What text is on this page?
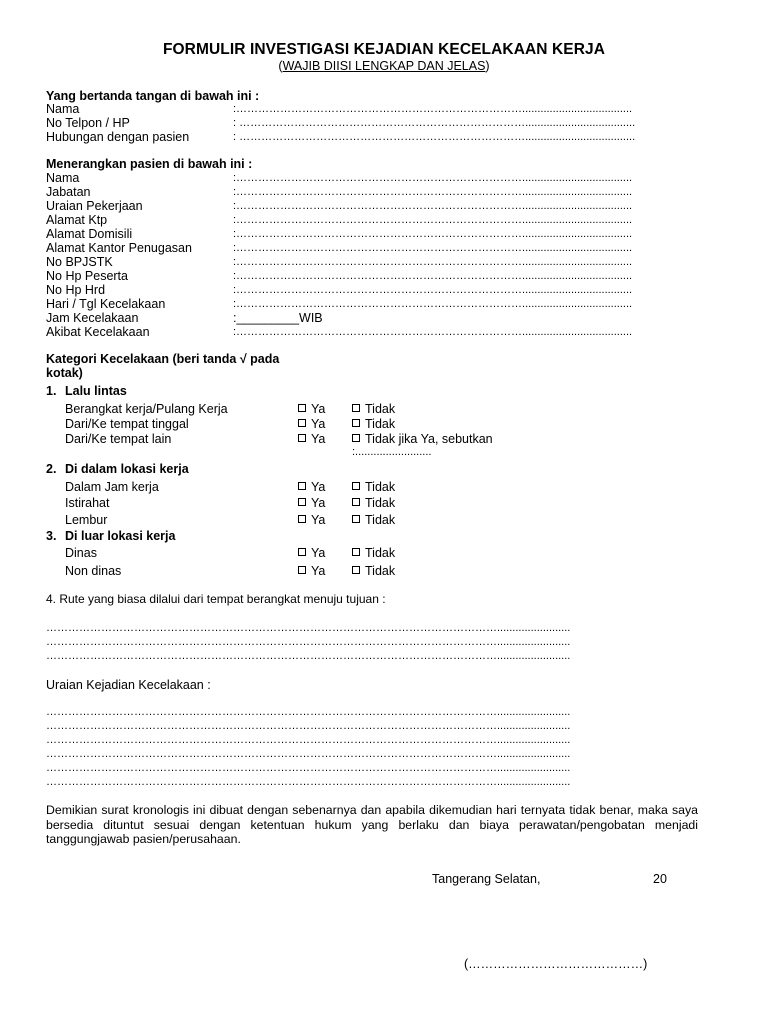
FORMULIR INVESTIGASI KEJADIAN KECELAKAAN KERJA
(WAJIB DIISI LENGKAP DAN JELAS)
Yang bertanda tangan di bawah ini :
Nama	:……………………………………………………………………....................................
No Telpon / HP	: ……………………………………………………………………....................................
Hubungan dengan pasien	: ……………………………………………………………………....................................
Menerangkan pasien di bawah ini :
Nama	:……………………………………………………………………....................................
Jabatan	:……………………………………………………………………....................................
Uraian Pekerjaan	:……………………………………………………………………....................................
Alamat Ktp	:……………………………………………………………………....................................
Alamat Domisili	:……………………………………………………………………....................................
Alamat Kantor Penugasan	:……………………………………………………………………....................................
No BPJSTK	:……………………………………………………………………....................................
No Hp Peserta	:……………………………………………………………………....................................
No Hp Hrd	:……………………………………………………………………....................................
Hari / Tgl Kecelakaan	:……………………………………………………………………....................................
Jam Kecelakaan	:_________WIB
Akibat Kecelakaan	:……………………………………………………………………....................................
Kategori Kecelakaan (beri tanda √ pada
kotak)
1. Lalu lintas
Berangkat kerja/Pulang Kerja	Ya	Tidak
Dari/Ke tempat tinggal	Ya	Tidak
Dari/Ke tempat lain	Ya	Tidak jika Ya, sebutkan
:.........................
2. Di dalam lokasi kerja
Dalam Jam kerja	Ya	Tidak
Istirahat	Ya	Tidak
Lembur	Ya	Tidak
3. Di luar lokasi kerja
Dinas	Ya	Tidak
Non dinas	Ya	Tidak
4. Rute yang biasa dilalui dari tempat berangkat menuju tujuan :
……………………………………………………………………………………………………………........................
……………………………………………………………………………………………………………........................
……………………………………………………………………………………………………………........................
Uraian Kejadian Kecelakaan :
……………………………………………………………………………………………………………........................
……………………………………………………………………………………………………………........................
……………………………………………………………………………………………………………........................
……………………………………………………………………………………………………………........................
……………………………………………………………………………………………………………........................
……………………………………………………………………………………………………………........................
Demikian surat kronologis ini dibuat dengan sebenarnya dan apabila dikemudian hari ternyata tidak benar, maka saya bersedia dituntut sesuai dengan ketentuan hukum yang berlaku dan biaya perawatan/pengobatan menjadi tanggungjawab pasien/perusahaan.
Tangerang Selatan,	20
(……………………………………)
